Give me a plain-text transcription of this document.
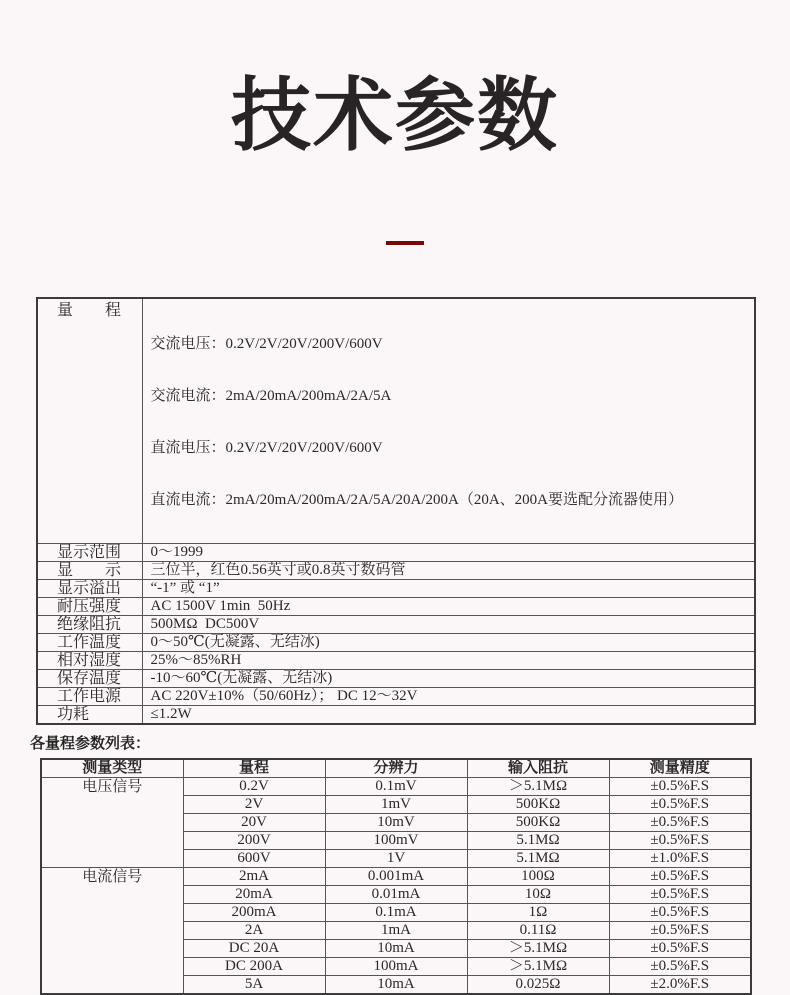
技术参数
量　　程	交流电压：0.2V/2V/20V/200V/600V

交流电流：2mA/20mA/200mA/2A/5A

直流电压：0.2V/2V/20V/200V/600V

直流电流：2mA/20mA/200mA/2A/5A/20A/200A（20A、200A要选配分流器使用）

显示范围	0～1999
显　　示	三位半，红色0.56英寸或0.8英寸数码管
显示溢出	“-1” 或 “1”
耐压强度	AC 1500V 1min  50Hz
绝缘阻抗	500MΩ  DC500V
工作温度	0～50℃(无凝露、无结冰)
相对湿度	25%～85%RH
保存温度	-10～60℃(无凝露、无结冰)
工作电源	AC 220V±10%（50/60Hz）； DC 12～32V
功耗	≤1.2W
各量程参数列表：
测量类型	量程	分辨力	输入阻抗	测量精度
电压信号	0.2V	0.1mV	＞5.1MΩ	±0.5%F.S
	2V	1mV	500KΩ	±0.5%F.S
	20V	10mV	500KΩ	±0.5%F.S
	200V	100mV	5.1MΩ	±0.5%F.S
	600V	1V	5.1MΩ	±1.0%F.S
电流信号	2mA	0.001mA	100Ω	±0.5%F.S
	20mA	0.01mA	10Ω	±0.5%F.S
	200mA	0.1mA	1Ω	±0.5%F.S
	2A	1mA	0.11Ω	±0.5%F.S
	DC 20A	10mA	＞5.1MΩ	±0.5%F.S
	DC 200A	100mA	＞5.1MΩ	±0.5%F.S
	5A	10mA	0.025Ω	±2.0%F.S
